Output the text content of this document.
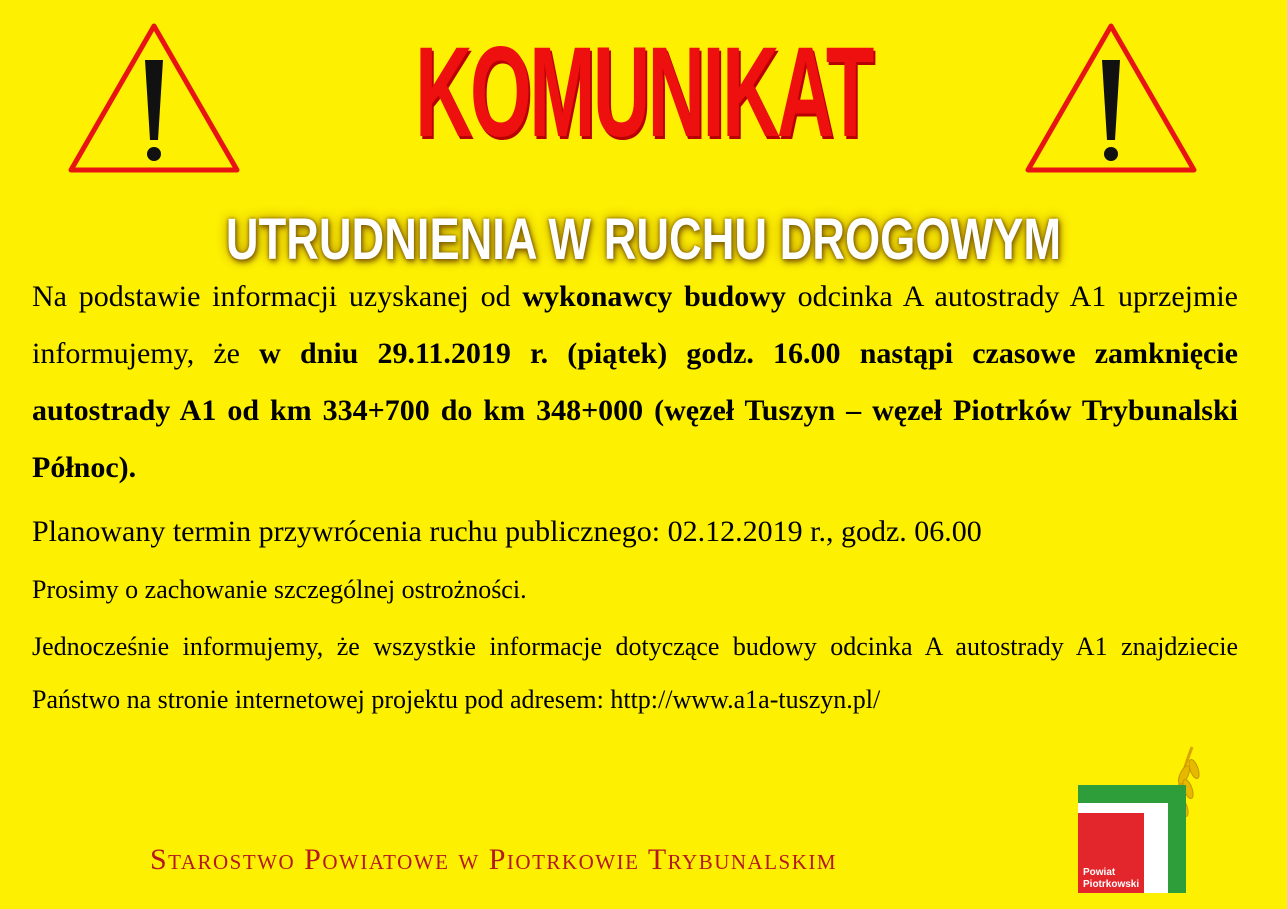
KOMUNIKAT
UTRUDNIENIA W RUCHU DROGOWYM
Na podstawie informacji uzyskanej od wykonawcy budowy odcinka A autostrady A1 uprzejmie informujemy, że w dniu 29.11.2019 r. (piątek) godz. 16.00 nastąpi czasowe zamknięcie autostrady A1 od km 334+700 do km 348+000 (węzeł Tuszyn – węzeł Piotrków Trybunalski Północ).
Planowany termin przywrócenia ruchu publicznego: 02.12.2019 r., godz. 06.00
Prosimy o zachowanie szczególnej ostrożności.
Jednocześnie informujemy, że wszystkie informacje dotyczące budowy odcinka A autostrady A1 znajdziecie Państwo na stronie internetowej projektu pod adresem: http://www.a1a-tuszyn.pl/
Starostwo Powiatowe w Piotrkowie Trybunalskim	Powiat
Piotrkowski
